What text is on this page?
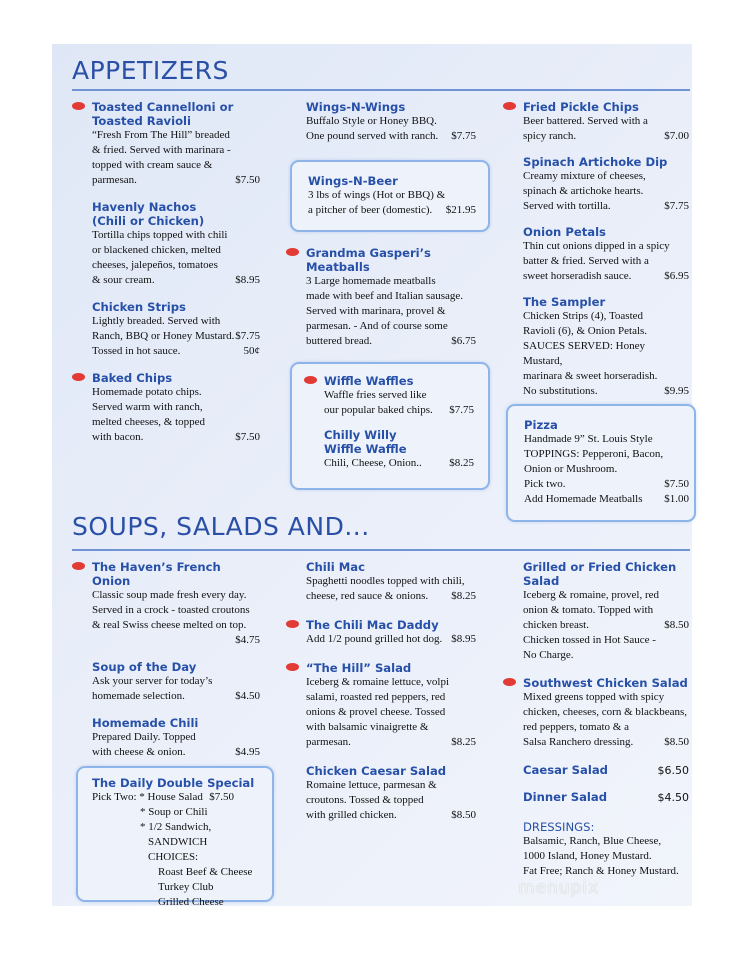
APPETIZERS
Toasted Cannelloni or
Toasted Ravioli
“Fresh From The Hill” breaded
& fried. Served with marinara -
topped with cream sauce &
parmesan.	$7.50
Havenly Nachos
(Chili or Chicken)
Tortilla chips topped with chili
or blackened chicken, melted
cheeses, jalepeños, tomatoes
& sour cream.	$8.95
Chicken Strips
Lightly breaded. Served with
Ranch, BBQ or Honey Mustard. $7.75
Tossed in hot sauce.	50¢
Baked Chips
Homemade potato chips.
Served warm with ranch,
melted cheeses, & topped
with bacon.	$7.50
Wings-N-Wings
Buffalo Style or Honey BBQ.
One pound served with ranch. $7.75
Wings-N-Beer
3 lbs of wings (Hot or BBQ) &
a pitcher of beer (domestic). $21.95
Grandma Gasperi’s
Meatballs
3 Large homemade meatballs
made with beef and Italian sausage.
Served with marinara, provel &
parmesan. - And of course some
buttered bread.	$6.75
Wiffle Waffles
Waffle fries served like
our popular baked chips. $7.75
Chilly Willy
Wiffle Waffle
Chili, Cheese, Onion.. $8.25
Fried Pickle Chips
Beer battered. Served with a
spicy ranch.	$7.00
Spinach Artichoke Dip
Creamy mixture of cheeses,
spinach & artichoke hearts.
Served with tortilla.	$7.75
Onion Petals
Thin cut onions dipped in a spicy
batter & fried. Served with a
sweet horseradish sauce.	$6.95
The Sampler
Chicken Strips (4), Toasted
Ravioli (6), & Onion Petals.
SAUCES SERVED: Honey Mustard,
marinara & sweet horseradish.
No substitutions.	$9.95
Pizza
Handmade 9” St. Louis Style
TOPPINGS: Pepperoni, Bacon,
Onion or Mushroom.
Pick two.	$7.50
Add Homemade Meatballs $1.00
SOUPS, SALADS AND...
The Haven’s French Onion
Classic soup made fresh every day.
Served in a crock - toasted croutons
& real Swiss cheese melted on top.

$4.75
Soup of the Day
Ask your server for today’s
homemade selection.	$4.50
Homemade Chili
Prepared Daily. Topped
with cheese & onion.	$4.95
The Daily Double Special
Pick Two: * House Salad $7.50
* Soup or Chili
* 1/2 Sandwich,
SANDWICH CHOICES:
Roast Beef & Cheese
Turkey Club
Grilled Cheese
Chili Mac
Spaghetti noodles topped with chili,
cheese, red sauce & onions. $8.25
The Chili Mac Daddy
Add 1/2 pound grilled hot dog. $8.95
“The Hill” Salad
Iceberg & romaine lettuce, volpi
salami, roasted red peppers, red
onions & provel cheese. Tossed
with balsamic vinaigrette &
parmesan.	$8.25
Chicken Caesar Salad
Romaine lettuce, parmesan &
croutons. Tossed & topped
with grilled chicken.	$8.50
Grilled or Fried Chicken
Salad
Iceberg & romaine, provel, red
onion & tomato. Topped with
chicken breast.	$8.50
Chicken tossed in Hot Sauce -
No Charge.
Southwest Chicken Salad
Mixed greens topped with spicy
chicken, cheeses, corn & blackbeans,
red peppers, tomato & a
Salsa Ranchero dressing.	$8.50
Caesar Salad	$6.50
Dinner Salad	$4.50
DRESSINGS:
Balsamic, Ranch, Blue Cheese,
1000 Island, Honey Mustard.
Fat Free; Ranch & Honey Mustard.
menupix
